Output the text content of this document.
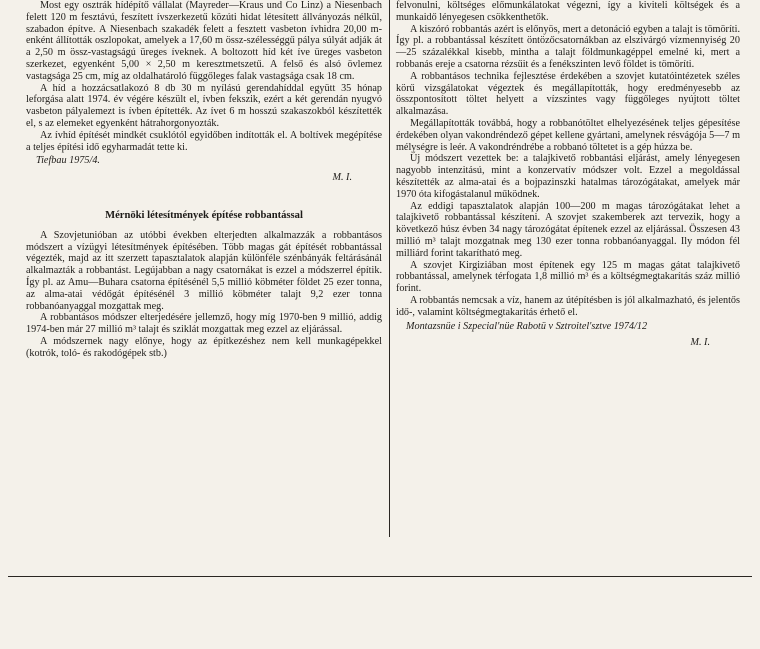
Most egy osztrák hídépítő vállalat (Mayreder—Kraus und Co Linz) a Niesenbach felett 120 m fesztávú, feszített ívszerkezetű közúti hidat létesített állványozás nélkül, szabadon építve. A Niesenbach szakadék felett a fesztett vasbeton ívhidra 20,00 m-enként állították oszlopokat, amelyek a 17,60 m össz-szélességgű pálya súlyát adják át a 2,50 m össz-vastagságú üreges íveknek. A boltozott híd két íve üreges vasbeton szerkezet, egyenként 5,00 × 2,50 m keresztmetszetű. A felső és alsó övlemez vastagsága 25 cm, míg az oldalhatároló függőleges falak vastagsága csak 18 cm.

A híd a hozzácsatlakozó 8 db 30 m nyílású gerendahíddal együtt 35 hónap leforgása alatt 1974. év végére készült el, ívben fekszik, ezért a két gerendán nyugvó vasbeton pályalemezt is ívben építették. Az ívet 6 m hosszú szakaszokból készítették el, s az elemeket egyenként hátrahorgonyozták.

Az ívhíd építését mindkét csuklótól egyidőben indították el. A boltívek megépítése a teljes építési idő egyharmadát tette ki.

Tiefbau 1975/4.

M. I.
Mérnöki létesítmények építése robbantással

A Szovjetunióban az utóbbi években elterjedten alkalmazzák a robbantásos módszert a vízügyi létesítmények építésében. Több magas gát építését robbantással végezték, majd az itt szerzett tapasztalatok alapján különféle szénbányák feltárásánál alkalmazták a robbantást. Legújabban a nagy csatornákat is ezzel a módszerrel építik. Így pl. az Amu—Buhara csatorna építésénél 5,5 millió köbméter földet 25 ezer tonna, az alma-atai védőgát építésénél 3 millió köbméter talajt 9,2 ezer tonna robbanóanyaggal mozgattak meg.

A robbantásos módszer elterjedésére jellemző, hogy míg 1970-ben 9 millió, addig 1974-ben már 27 millió m³ talajt és sziklát mozgattak meg ezzel az eljárással.

A módszernek nagy előnye, hogy az építkezéshez nem kell munkagépekkel (kotrók, toló- és rakodógépek stb.)

felvonulni, költséges előmunkálatokat végezni, így a kiviteli költségek és a munkaidő lényegesen csökkenthetők.

A kiszóró robbantás azért is előnyös, mert a detonáció egyben a talajt is tömöríti. Így pl. a robbantással készített öntözőcsatornákban az elszivárgó vízmennyiség 20—25 százalékkal kisebb, mintha a talajt földmunkagéppel emelné ki, mert a robbanás ereje a csatorna rézsűit és a fenékszinten levő földet is tömöríti.

A robbantásos technika fejlesztése érdekében a szovjet kutatóintézetek széles körű vizsgálatokat végeztek és megállapították, hogy eredményesebb az összpontosított töltet helyett a vízszintes vagy függőleges nyújtott töltet alkalmazása.

Megállapították továbbá, hogy a robbanótöltet elhelyezésének teljes gépesítése érdekében olyan vakondréndező gépet kellene gyártani, amelynek résvágója 5—7 m mélységre is leér. A vakondréndrébe a robbanó töltetet is a gép húzza be.

Új módszert vezettek be: a talajkivető robbantási eljárást, amely lényegesen nagyobb intenzitású, mint a konzervatív módszer volt. Ezzel a megoldással készítették az alma-atai és a bojpazinszki hatalmas tározógátakat, amelyek már 1970 óta kifogástalanul működnek.

Az eddigi tapasztalatok alapján 100—200 m magas tározógátakat lehet a talajkivető robbantással készíteni. A szovjet szakemberek azt tervezik, hogy a következő húsz évben 34 nagy tározógátat építenek ezzel az eljárással. Összesen 43 millió m³ talajt mozgatnak meg 130 ezer tonna robbanóanyaggal. Ily módon fél milliárd forint takarítható meg.

A szovjet Kirgiziában most építenek egy 125 m magas gátat talajkivető robbantással, amelynek térfogata 1,8 millió m³ és a költségmegtakarítás száz millió forint.

A robbantás nemcsak a víz, hanem az útépítésben is jól alkalmazható, és jelentős idő-, valamint költségmegtakarítás érhető el.

Montazsnüe i Szpecial'nüe Rabotü v Sztroitel'sztve 1974/12

M. I.
